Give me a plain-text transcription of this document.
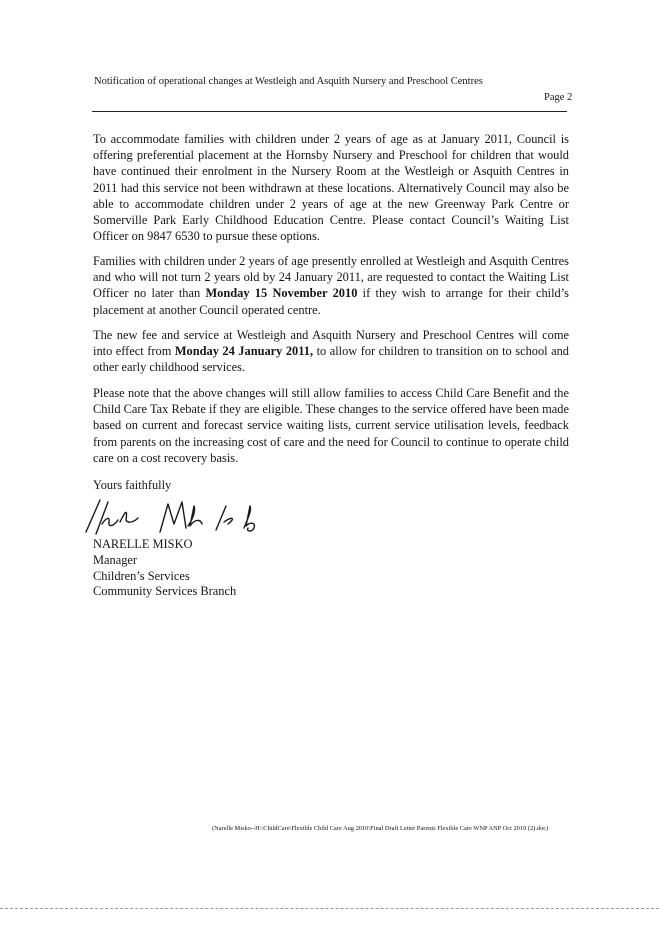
Notification of operational changes at Westleigh and Asquith Nursery and Preschool Centres
Page 2
To accommodate families with children under 2 years of age as at January 2011, Council is offering preferential placement at the Hornsby Nursery and Preschool for children that would have continued their enrolment in the Nursery Room at the Westleigh or Asquith Centres in 2011 had this service not been withdrawn at these locations. Alternatively Council may also be able to accommodate children under 2 years of age at the new Greenway Park Centre or Somerville Park Early Childhood Education Centre. Please contact Council’s Waiting List Officer on 9847 6530 to pursue these options.
Families with children under 2 years of age presently enrolled at Westleigh and Asquith Centres and who will not turn 2 years old by 24 January 2011, are requested to contact the Waiting List Officer no later than Monday 15 November 2010 if they wish to arrange for their child’s placement at another Council operated centre.
The new fee and service at Westleigh and Asquith Nursery and Preschool Centres will come into effect from Monday 24 January 2011, to allow for children to transition on to school and other early childhood services.
Please note that the above changes will still allow families to access Child Care Benefit and the Child Care Tax Rebate if they are eligible. These changes to the service offered have been made based on current and forecast service waiting lists, current service utilisation levels, feedback from parents on the increasing cost of care and the need for Council to continue to operate child care on a cost recovery basis.
Yours faithfully
NARELLE MISKO
Manager
Children’s Services
Community Services Branch
(Narelle Misko--H:\ChildCare\Flexible Child Care Aug 2010\Final Draft Letter Parents Flexible Care WNP ANP Oct 2010 (2).doc)
